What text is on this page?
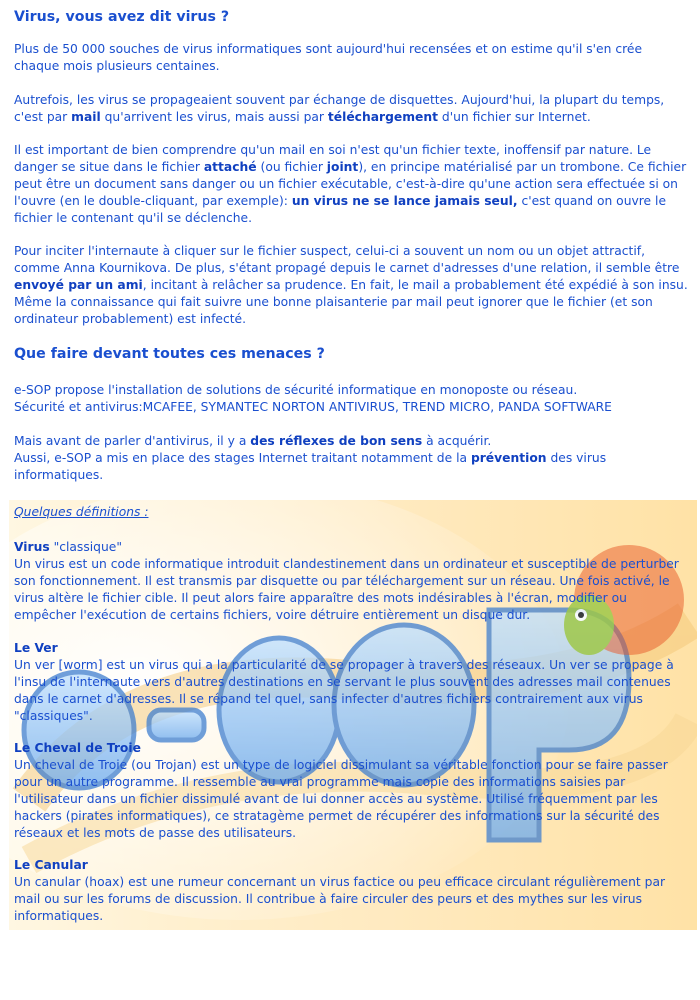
Virus, vous avez dit virus ?

Plus de 50 000 souches de virus informatiques sont aujourd'hui recensées et on estime qu'il s'en crée chaque mois plusieurs centaines.

Autrefois, les virus se propageaient souvent par échange de disquettes. Aujourd'hui, la plupart du temps, c'est par mail qu'arrivent les virus, mais aussi par téléchargement d'un fichier sur Internet.

Il est important de bien comprendre qu'un mail en soi n'est qu'un fichier texte, inoffensif par nature. Le danger se situe dans le fichier attaché (ou fichier joint), en principe matérialisé par un trombone. Ce fichier peut être un document sans danger ou un fichier exécutable, c'est-à-dire qu'une action sera effectuée si on l'ouvre (en le double-cliquant, par exemple): un virus ne se lance jamais seul, c'est quand on ouvre le fichier le contenant qu'il se déclenche.

Pour inciter l'internaute à cliquer sur le fichier suspect, celui-ci a souvent un nom ou un objet attractif, comme Anna Kournikova. De plus, s'étant propagé depuis le carnet d'adresses d'une relation, il semble être envoyé par un ami, incitant à relâcher sa prudence. En fait, le mail a probablement été expédié à son insu. Même la connaissance qui fait suivre une bonne plaisanterie par mail peut ignorer que le fichier (et son ordinateur probablement) est infecté.

Que faire devant toutes ces menaces ?

e-SOP propose l'installation de solutions de sécurité informatique en monoposte ou réseau.

Sécurité et antivirus:MCAFEE, SYMANTEC NORTON ANTIVIRUS, TREND MICRO, PANDA SOFTWARE

Mais avant de parler d'antivirus, il y a des réflexes de bon sens à acquérir.

Aussi, e-SOP a mis en place des stages Internet traitant notamment de la prévention des virus informatiques.

Quelques définitions :

Virus "classique"

Un virus est un code informatique introduit clandestinement dans un ordinateur et susceptible de perturber son fonctionnement. Il est transmis par disquette ou par téléchargement sur un réseau. Une fois activé, le virus altère le fichier cible. Il peut alors faire apparaître des mots indésirables à l'écran, modifier ou empêcher l'exécution de certains fichiers, voire détruire entièrement un disque dur.

Le Ver

Un ver [worm] est un virus qui a la particularité de se propager à travers des réseaux. Un ver se propage à l'insu de l'internaute vers d'autres destinations en se servant le plus souvent des adresses mail contenues dans le carnet d'adresses. Il se répand tel quel, sans infecter d'autres fichiers contrairement aux virus "classiques".

Le Cheval de Troie

Un cheval de Troie (ou Trojan) est un type de logiciel dissimulant sa véritable fonction pour se faire passer pour un autre programme. Il ressemble au vrai programme mais copie des informations saisies par l'utilisateur dans un fichier dissimulé avant de lui donner accès au système. Utilisé fréquemment par les hackers (pirates informatiques), ce stratagème permet de récupérer des informations sur la sécurité des réseaux et les mots de passe des utilisateurs.

Le Canular

Un canular (hoax) est une rumeur concernant un virus factice ou peu efficace circulant régulièrement par mail ou sur les forums de discussion. Il contribue à faire circuler des peurs et des mythes sur les virus informatiques.
